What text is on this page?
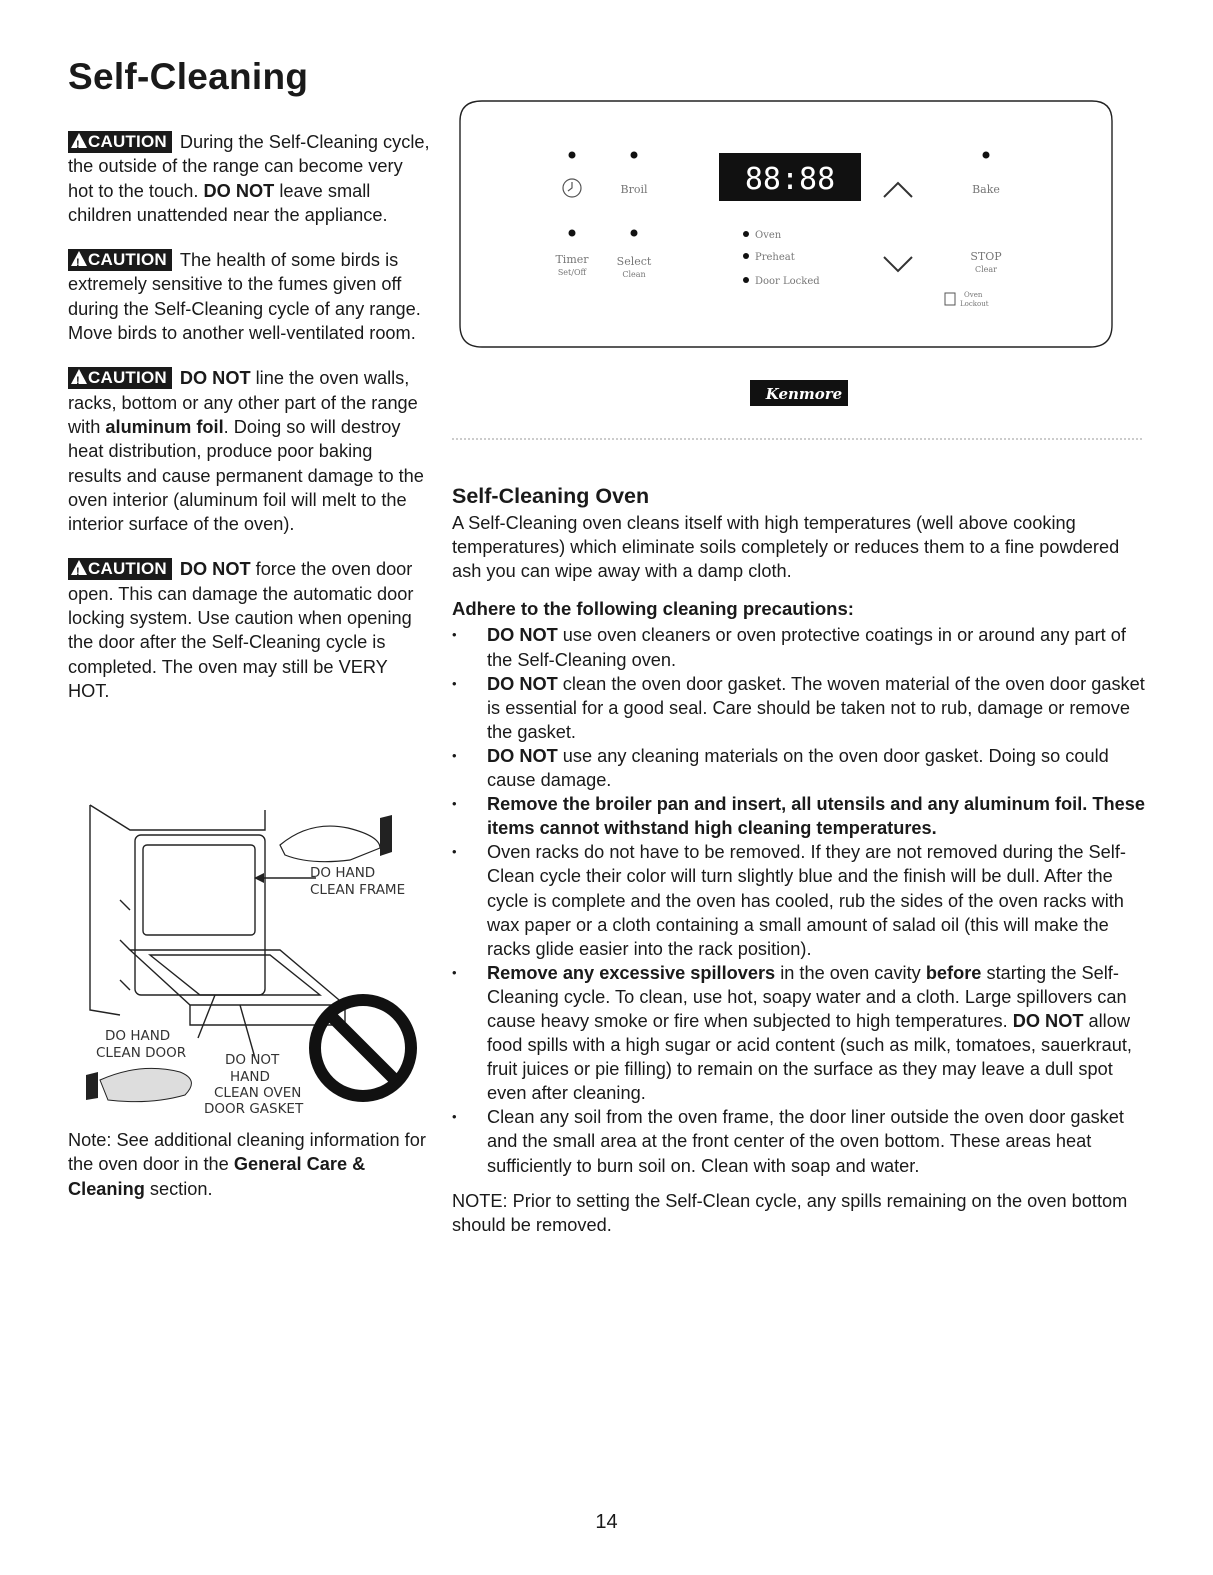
Self-Cleaning

!CAUTION During the Self-Cleaning cycle, the outside of the range can become very hot to the touch. DO NOT leave small children unattended near the appliance.

!CAUTION The health of some birds is extremely sensitive to the fumes given off during the Self-Cleaning cycle of any range. Move birds to another well-ventilated room.

!CAUTION DO NOT line the oven walls, racks, bottom or any other part of the range with aluminum foil. Doing so will destroy heat distribution, produce poor baking results and cause permanent damage to the oven interior (aluminum foil will melt to the interior surface of the oven).

!CAUTION DO NOT force the oven door open. This can damage the automatic door locking system. Use caution when opening the door after the Self-Cleaning cycle is completed. The oven may still be VERY HOT.

DO HAND
CLEAN FRAME
DO HAND
CLEAN DOOR	DO NOT
HAND
CLEAN OVEN
DOOR GASKET

Note: See additional cleaning information for the oven door in the General Care & Cleaning section.

88:88
Broil	Bake
Timer
Set/Off
Select
Clean
Oven
Preheat
Door Locked
STOP
Clear
Oven
Lockout
Kenmore
Self-Cleaning Oven

A Self-Cleaning oven cleans itself with high temperatures (well above cooking temperatures) which eliminate soils completely or reduces them to a fine powdered ash you can wipe away with a damp cloth.

Adhere to the following cleaning precautions:
• DO NOT use oven cleaners or oven protective coatings in or around any part of the Self-Cleaning oven.
• DO NOT clean the oven door gasket. The woven material of the oven door gasket is essential for a good seal. Care should be taken not to rub, damage or remove the gasket.
• DO NOT use any cleaning materials on the oven door gasket. Doing so could cause damage.
• Remove the broiler pan and insert, all utensils and any aluminum foil. These items cannot withstand high cleaning temperatures.
• Oven racks do not have to be removed. If they are not removed during the Self-Clean cycle their color will turn slightly blue and the finish will be dull. After the cycle is complete and the oven has cooled, rub the sides of the oven racks with wax paper or a cloth containing a small amount of salad oil (this will make the racks glide easier into the rack position).
• Remove any excessive spillovers in the oven cavity before starting the Self-Cleaning cycle. To clean, use hot, soapy water and a cloth. Large spillovers can cause heavy smoke or fire when subjected to high temperatures. DO NOT allow food spills with a high sugar or acid content (such as milk, tomatoes, sauerkraut, fruit juices or pie filling) to remain on the surface as they may leave a dull spot even after cleaning.
• Clean any soil from the oven frame, the door liner outside the oven door gasket and the small area at the front center of the oven bottom. These areas heat sufficiently to burn soil on. Clean with soap and water.

NOTE: Prior to setting the Self-Clean cycle, any spills remaining on the oven bottom should be removed.

14
